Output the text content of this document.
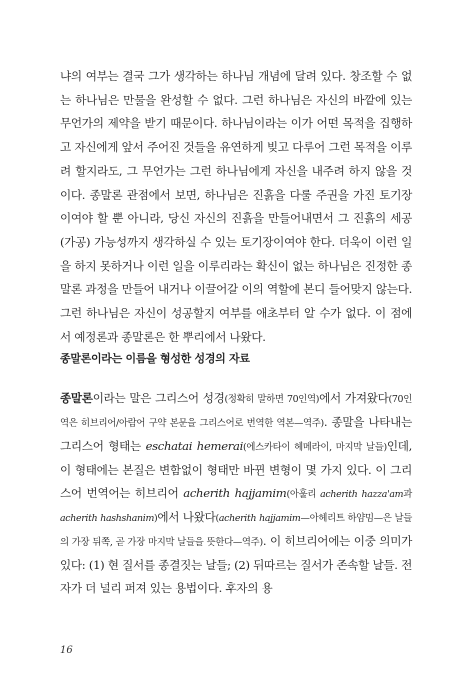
냐의 여부는 결국 그가 생각하는 하나님 개념에 달려 있다. 창조할 수 없는 하나님은 만물을 완성할 수 없다. 그런 하나님은 자신의 바깥에 있는 무언가의 제약을 받기 때문이다. 하나님이라는 이가 어떤 목적을 집행하고 자신에게 앞서 주어진 것들을 유연하게 빚고 다루어 그런 목적을 이루려 할지라도, 그 무언가는 그런 하나님에게 자신을 내주려 하지 않을 것이다. 종말론 관점에서 보면, 하나님은 진흙을 다룰 주권을 가진 토기장이여야 할 뿐 아니라, 당신 자신의 진흙을 만들어내면서 그 진흙의 세공(가공) 가능성까지 생각하실 수 있는 토기장이여야 한다. 더욱이 이런 일을 하지 못하거나 이런 일을 이루리라는 확신이 없는 하나님은 진정한 종말론 과정을 만들어 내거나 이끌어갈 이의 역할에 본디 들어맞지 않는다. 그런 하나님은 자신이 성공할지 여부를 애초부터 알 수가 없다. 이 점에서 예정론과 종말론은 한 뿌리에서 나왔다.

종말론이라는 이름을 형성한 성경의 자료

종말론이라는 말은 그리스어 성경(정확히 말하면 70인역)에서 가져왔다(70인역은 히브리어/아람어 구약 본문을 그리스어로 번역한 역본—역주). 종말을 나타내는 그리스어 형태는 eschatai hemerai(에스카타이 헤메라이, 마지막 날들)인데, 이 형태에는 본질은 변함없이 형태만 바뀐 변형이 몇 가지 있다. 이 그리스어 번역어는 히브리어 acherith hajjamim(아훌리 acherith hazza'am과 acherith hashshanim)에서 나왔다(acherith hajjamim—아헤리트 하얌밈—은 날들의 가장 뒤쪽, 곧 가장 마지막 날들을 뜻한다—역주). 이 히브리어에는 이중 의미가 있다: (1) 현 질서를 종결짓는 날들; (2) 뒤따르는 질서가 존속할 날들. 전자가 더 널리 퍼져 있는 용법이다. 후자의 용

16
